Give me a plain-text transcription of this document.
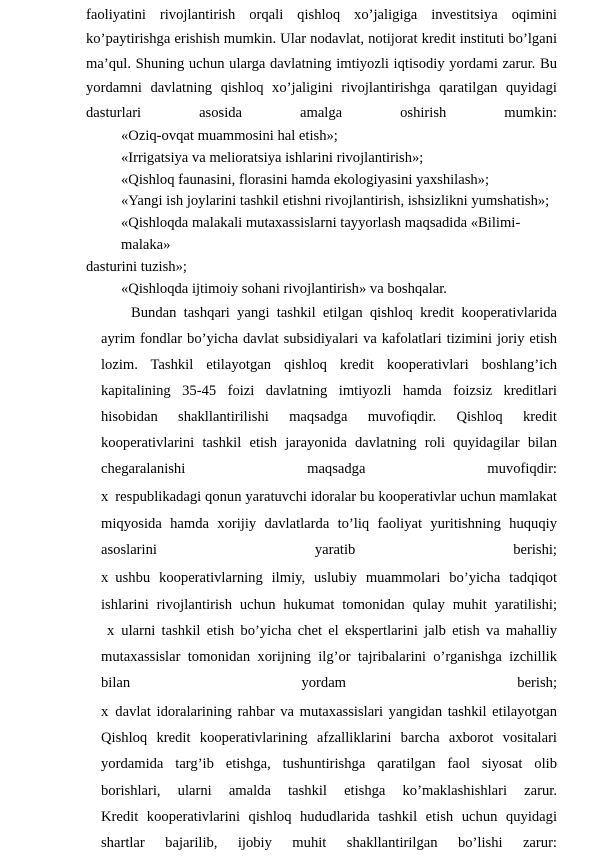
faoliyatini rivojlantirish orqali qishloq xo’jaligiga investitsiya oqimini ko’paytirishga erishish mumkin. Ular nodavlat, notijorat kredit instituti bo’lgani ma’qul. Shuning uchun ularga davlatning imtiyozli iqtisodiy yordami zarur. Bu yordamni davlatning qishloq xo’jaligini rivojlantirishga qaratilgan quyidagi dasturlari asosida amalga oshirish mumkin:

«Oziq-ovqat muammosini hal etish»;
«Irrigatsiya va melioratsiya ishlarini rivojlantirish»;
«Qishloq faunasini, florasini hamda ekologiyasini yaxshilash»;
«Yangi ish joylarini tashkil etishni rivojlantirish, ishsizlikni yumshatish»;
«Qishloqda malakali mutaxassislarni tayyorlash maqsadida «Bilimi-malaka»

dasturini tuzish»;

«Qishloqda ijtimoiy sohani rivojlantirish» va boshqalar.

Bundan tashqari yangi tashkil etilgan qishloq kredit kooperativlarida ayrim fondlar bo’yicha davlat subsidiyalari va kafolatlari tizimini joriy etish lozim. Tashkil etilayotgan qishloq kredit kooperativlari boshlang’ich kapitalining 35-45 foizi davlatning imtiyozli hamda foizsiz kreditlari hisobidan shakllantirilishi maqsadga muvofiqdir. Qishloq kredit kooperativlarini tashkil etish jarayonida davlatning roli quyidagilar bilan chegaralanishi maqsadga muvofiqdir:

x respublikadagi qonun yaratuvchi idoralar bu kooperativlar uchun mamlakat miqyosida hamda xorijiy davlatlarda to’liq faoliyat yuritishning huquqiy asoslarini yaratib berishi;

x ushbu kooperativlarning ilmiy, uslubiy muammolari bo’yicha tadqiqot ishlarini rivojlantirish uchun hukumat tomonidan qulay muhit yaratilishi; x ularni tashkil etish bo’yicha chet el ekspertlarini jalb etish va mahalliy mutaxassislar tomonidan xorijning ilg’or tajribalarini o’rganishga izchillik bilan yordam berish;

x davlat idoralarining rahbar va mutaxassislari yangidan tashkil etilayotgan Qishloq kredit kooperativlarining afzalliklarini barcha axborot vositalari yordamida targ’ib etishga, tushuntirishga qaratilgan faol siyosat olib borishlari, ularni amalda tashkil etishga ko’maklashishlari zarur.

Kredit kooperativlarini qishloq hududlarida tashkil etish uchun quyidagi shartlar bajarilib, ijobiy muhit shakllantirilgan bo’lishi zarur:
